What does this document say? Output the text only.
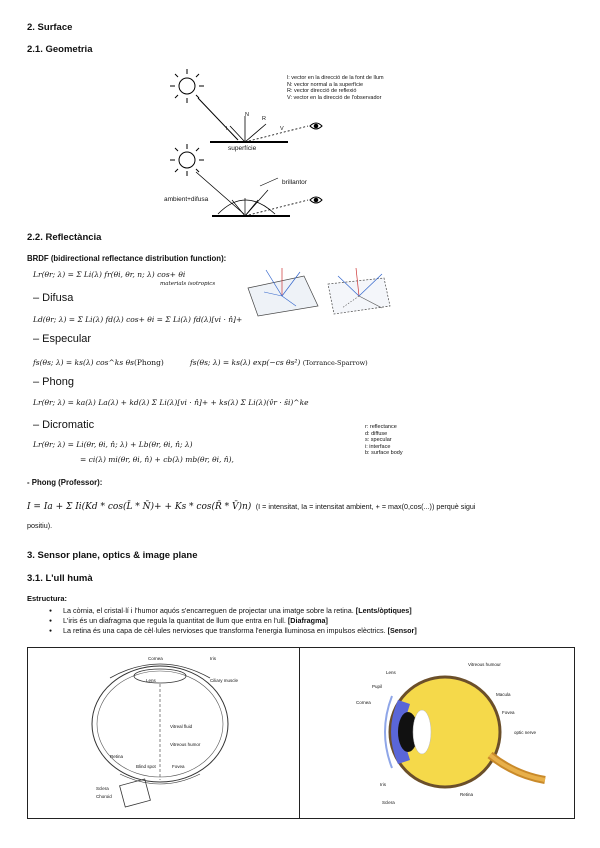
2. Surface
2.1. Geometria
N
R
l	V
l: vector en la direcció de la font de llum
N: vector normal a la superfície
R: vector direcció de reflexió
V: vector en la direcció de l'observador
superfície
brillantor
ambient+difusa
2.2. Reflectància
BRDF (bidirectional reflectance distribution function):
Lr(θr; λ) = Σ Li(λ) fr(θi, θr, n; λ) cos+ θi
materials isotropics
– Difusa
Ld(θr; λ) = Σ Li(λ) fd(λ) cos+ θi = Σ Li(λ) fd(λ)[vi · n̂]+
– Especular
fs(θs; λ) = ks(λ) cos^ks θs(Phong)	fs(θs; λ) = ks(λ) exp(−cs θs²) (Torrance-Sparrow)
– Phong
Lr(θr; λ) = ka(λ) La(λ) + kd(λ) Σ Li(λ)[vi · n̂]+ + ks(λ) Σ Li(λ)(v̂r · ŝi)^ke
– Dicromatic
Lr(θr; λ) = Li(θr, θi, n̂; λ) + Lb(θr, θi, n̂; λ)
= ci(λ) mi(θr, θi, n̂) + cb(λ) mb(θr, θi, n̂),
r: reflectance
d: diffuse
s: specular
i: interface
b: surface body
- Phong (Professor):
I = Ia + Σ Ii(Kd * cos(L̄ * N̄)+ + Ks * cos(R̄ * V̄)n) (I = intensitat, Ia = intensitat ambient, + = max(0,cos(...)) perquè sigui
positiu).
3. Sensor plane, optics & image plane
3.1. L'ull humà
Estructura:
● La còrnia, el cristal·lí i l'humor aquós s'encarreguen de projectar una imatge sobre la retina. [Lents/òptiques]
● L'iris és un diafragma que regula la quantitat de llum que entra en l'ull. [Diafragma]
● La retina és una capa de cèl·lules nervioses que transforma l'energia lluminosa en impulsos elèctrics. [Sensor]
Cornea	Iris
Ciliary muscle
Vitreal fluid
Vitreous humor
Retina
Blind spot	Fovea
Sclera
Choroid
Lens
Lens
Pupil
Cornea
Vitreous humour
Macula
Fovea
optic nerve
Iris
Retina
Sclera
